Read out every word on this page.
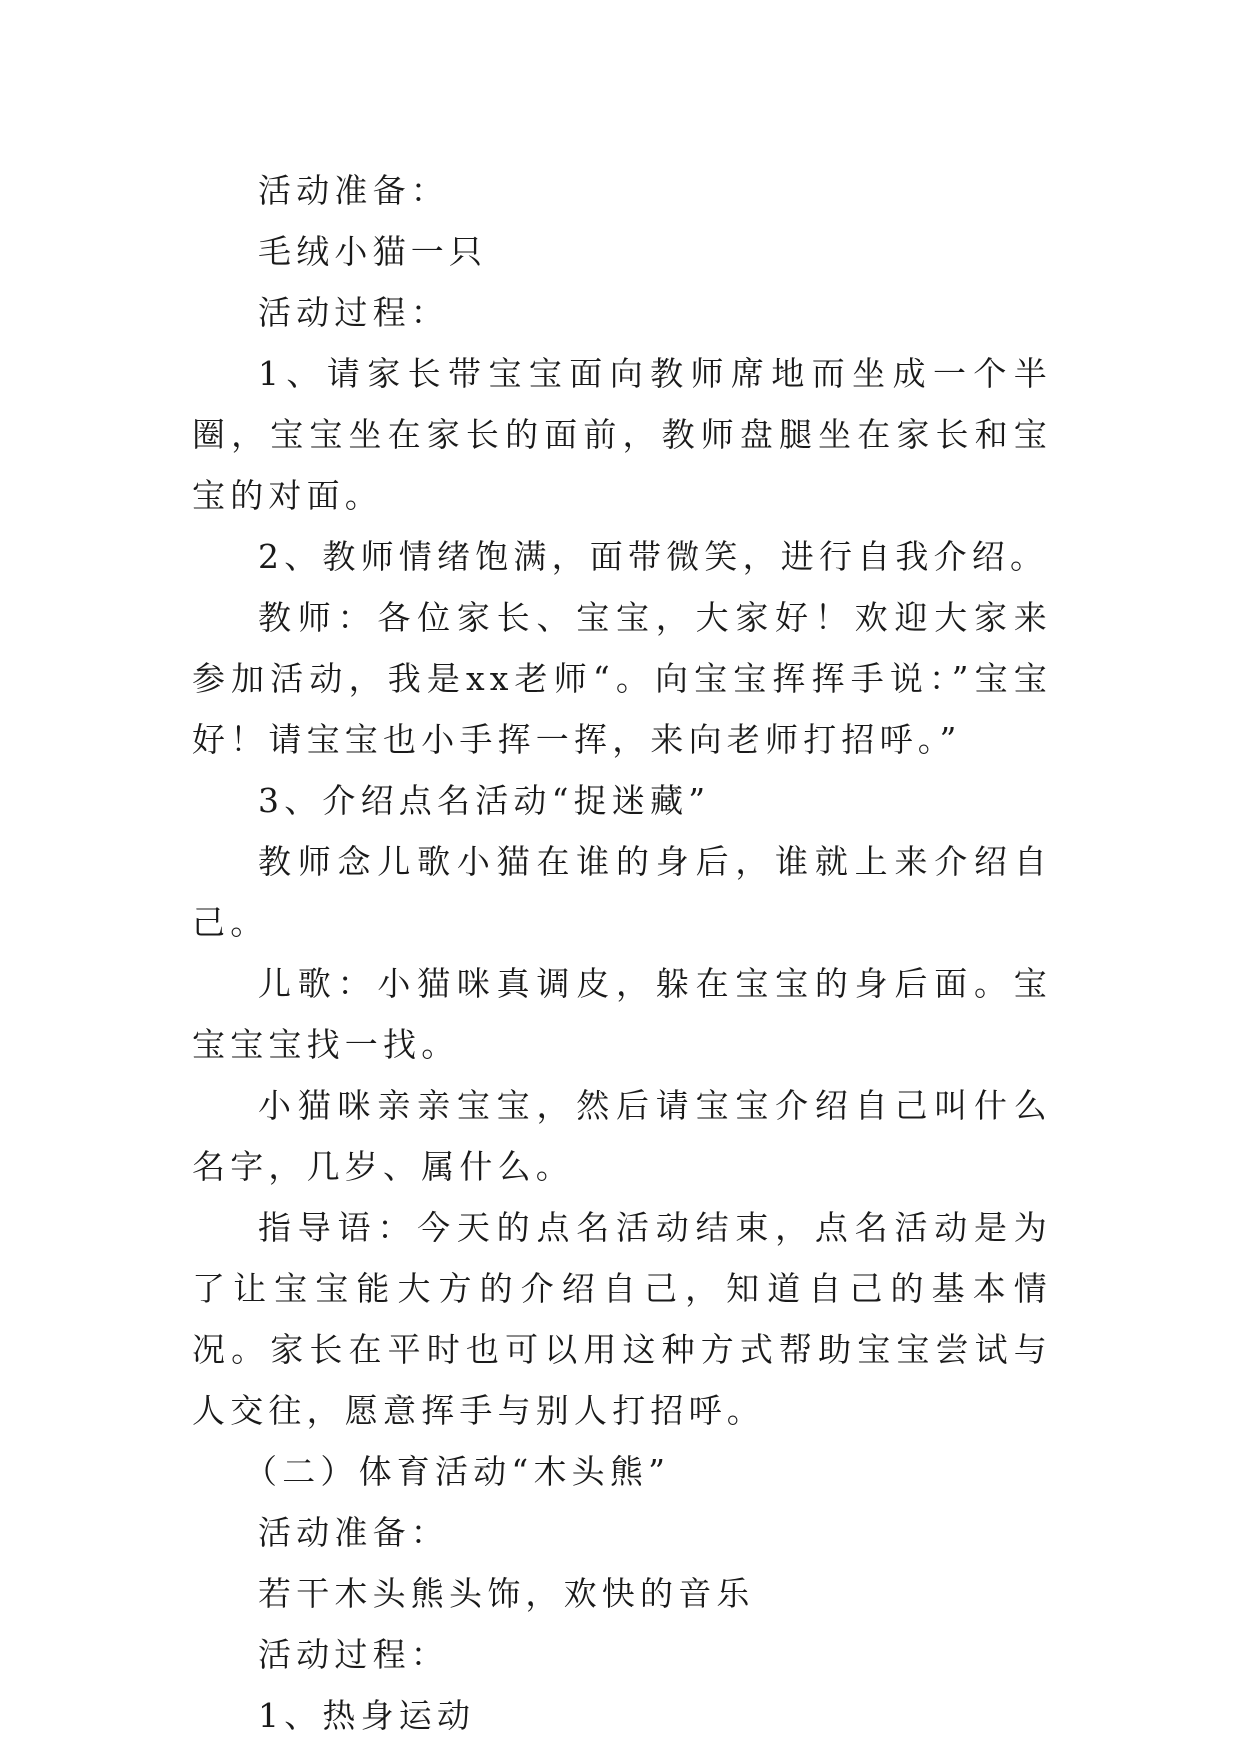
活动准备：

毛绒小猫一只

活动过程：

1、请家长带宝宝面向教师席地而坐成一个半圈，宝宝坐在家长的面前，教师盘腿坐在家长和宝宝的对面。

2、教师情绪饱满，面带微笑，进行自我介绍。

教师：各位家长、宝宝，大家好！欢迎大家来参加活动，我是xx老师“。向宝宝挥挥手说：”宝宝好！请宝宝也小手挥一挥，来向老师打招呼。”

3、介绍点名活动“捉迷藏”

教师念儿歌小猫在谁的身后，谁就上来介绍自己。

儿歌：小猫咪真调皮，躲在宝宝的身后面。宝宝宝宝找一找。

小猫咪亲亲宝宝，然后请宝宝介绍自己叫什么名字，几岁、属什么。

指导语：今天的点名活动结束，点名活动是为了让宝宝能大方的介绍自己，知道自己的基本情况。家长在平时也可以用这种方式帮助宝宝尝试与人交往，愿意挥手与别人打招呼。

（二）体育活动“木头熊”

活动准备：

若干木头熊头饰，欢快的音乐

活动过程：

1、热身运动
